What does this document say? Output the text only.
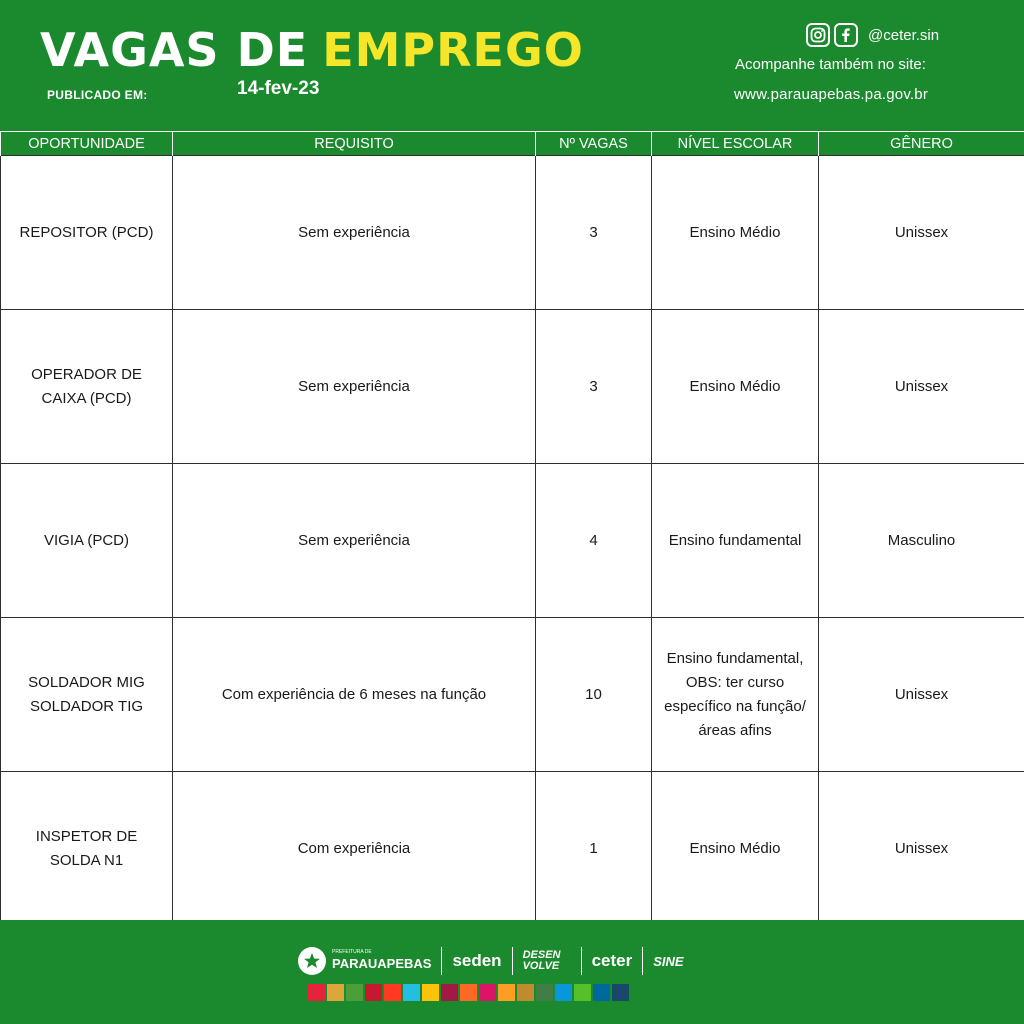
VAGAS DE EMPREGO
PUBLICADO EM:	14-fev-23
@ceter.sin
Acompanhe também no site:
www.parauapebas.pa.gov.br
OPORTUNIDADE	REQUISITO	Nº VAGAS	NÍVEL ESCOLAR	GÊNERO
REPOSITOR (PCD)	Sem experiência	3	Ensino Médio	Unissex
OPERADOR DE CAIXA (PCD)	Sem experiência	3	Ensino Médio	Unissex
VIGIA (PCD)	Sem experiência	4	Ensino fundamental	Masculino
SOLDADOR MIG SOLDADOR TIG	Com experiência de 6 meses na função	10	Ensino fundamental, OBS: ter curso específico na função/áreas afins	Unissex
INSPETOR DE SOLDA N1	Com experiência	1	Ensino Médio	Unissex
PREFEITURA DE
PARAUAPEBAS seden DESEN VOLVE	ceter SINE
